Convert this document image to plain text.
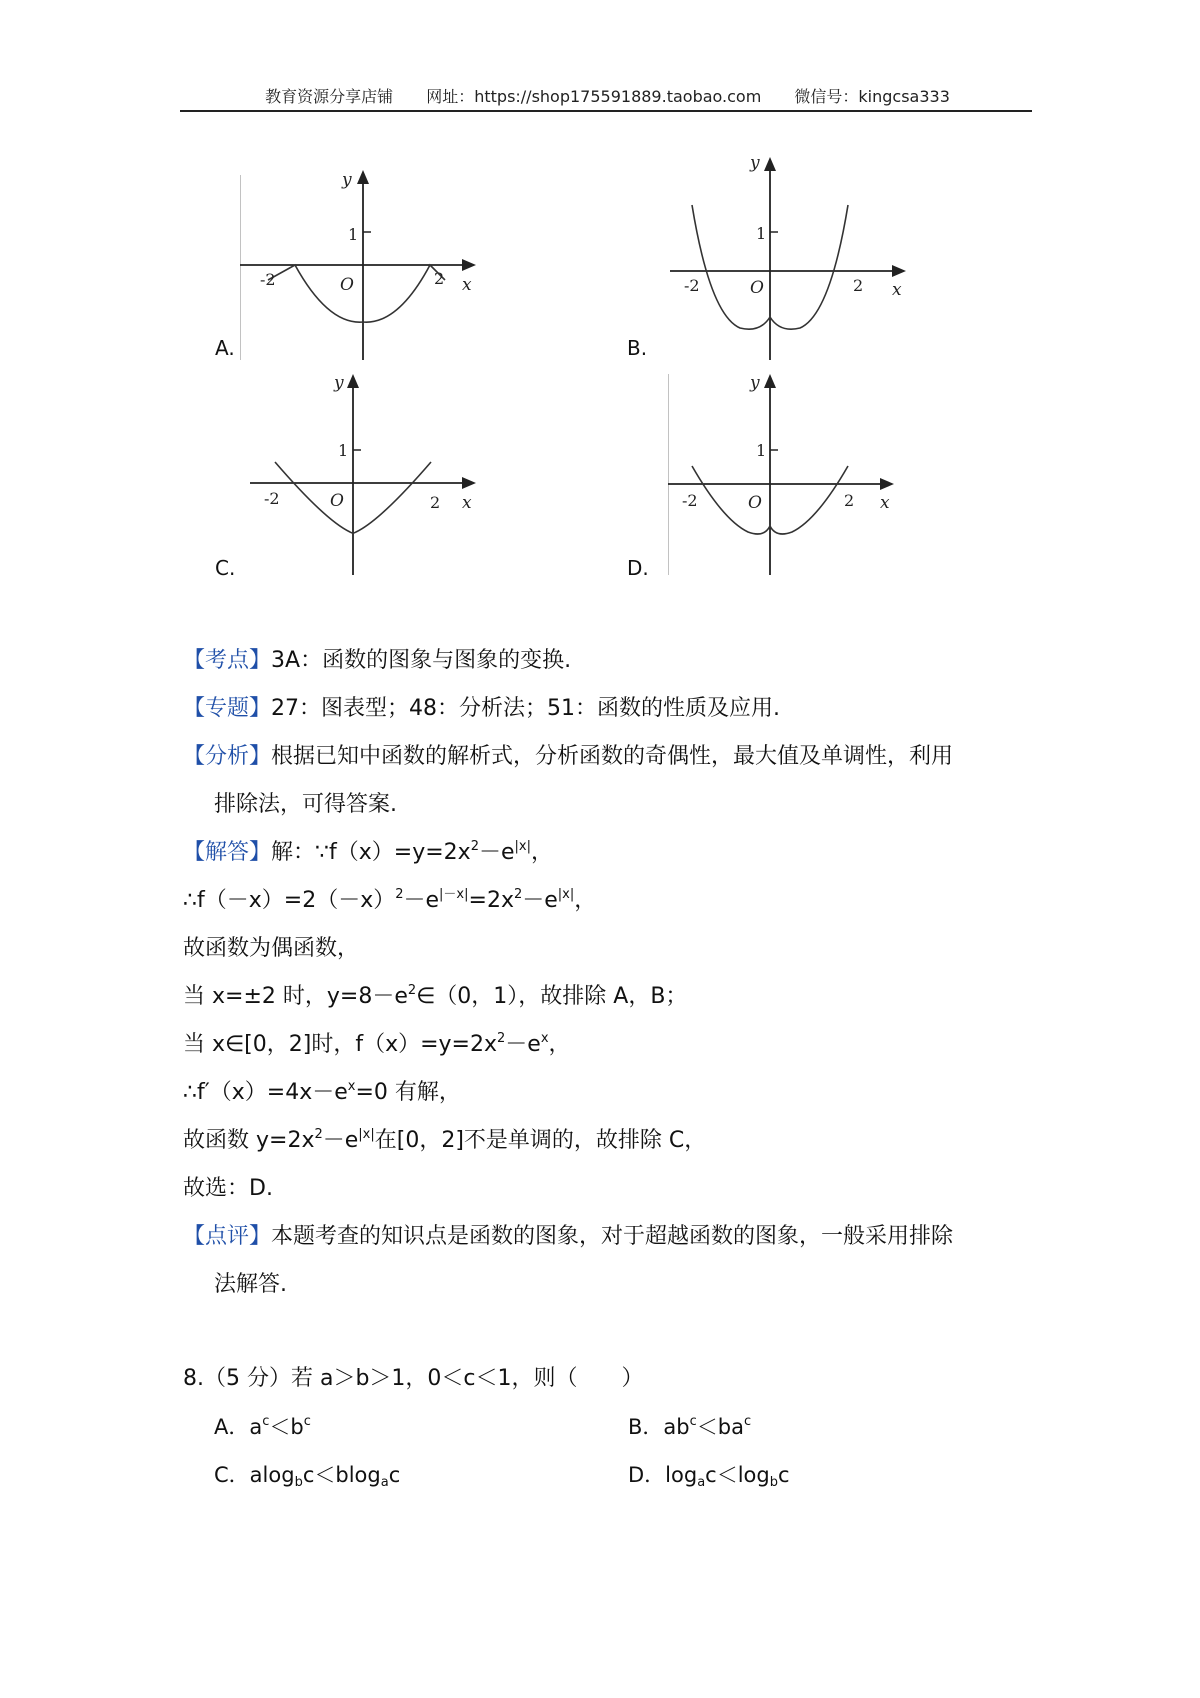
教育资源分享店铺 网址：https://shop175591889.taobao.com 微信号：kingcsa333
y
1
-2	O	2 x
A.
y
1
-2	O	2 x
B.
y
1
-2	O	2 x
C.
y
1
-2	O	2 x
D.
【考点】3A：函数的图象与图象的变换.
【专题】27：图表型；48：分析法；51：函数的性质及应用.
【分析】根据已知中函数的解析式，分析函数的奇偶性，最大值及单调性，利用
排除法，可得答案.
【解答】解：$\because f(x)=y=2x^2-e^{|x|}$，
$\therefore f(-x)=2(-x)^2-e^{|-x|}=2x^2-e^{|x|}$，
故函数为偶函数，
当 x=±2 时，$y=8-e^2\in(0$，1），故排除 A，B；
当 x∈[0，2]时，$f(x)=y=2x^2-e^x$，
$\therefore f'(x)=4x-e^x=0$ 有解，
故函数 $y=2x^2-e^{|x|}$在[0，2]不是单调的，故排除 C，
故选：D.
【点评】本题考查的知识点是函数的图象，对于超越函数的图象，一般采用排除
法解答.
8.（5 分）若 a＞b＞1，0＜c＜1，则（　　）
A．$a^c<b^c$	B．$ab^c<ba^c$
C．alog$_b$c＜blog$_a$c	D．$\log_ac<\log_bc$
